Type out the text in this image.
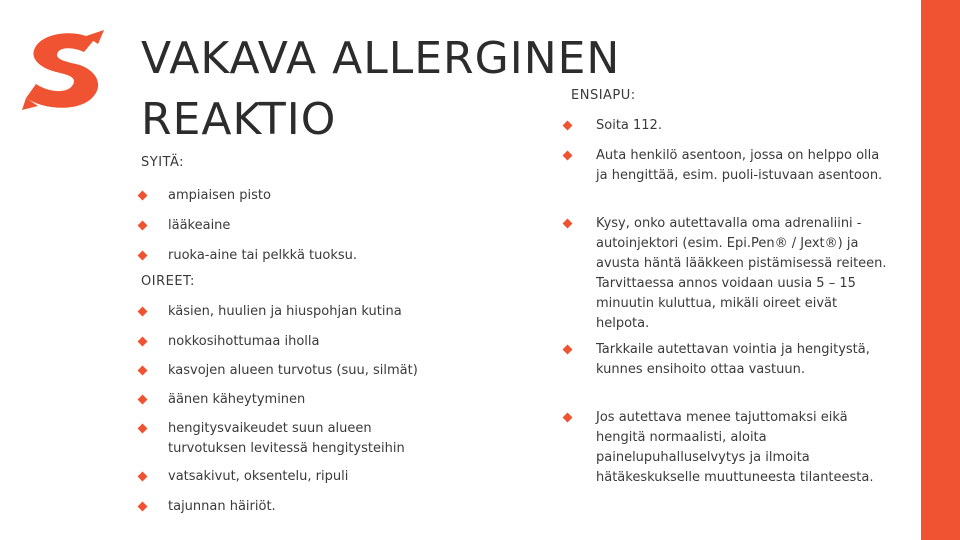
VAKAVA ALLERGINEN
REAKTIO
SYITÄ:
ampiaisen pisto
lääkeaine
ruoka-aine tai pelkkä tuoksu.
OIREET:
käsien, huulien ja hiuspohjan kutina
nokkosihottumaa iholla
kasvojen alueen turvotus (suu, silmät)
äänen käheytyminen
hengitysvaikeudet suun alueen turvotuksen levitessä hengitysteihin
vatsakivut, oksentelu, ripuli
tajunnan häiriöt.
ENSIAPU:
Soita 112.
Auta henkilö asentoon, jossa on helppo olla ja hengittää, esim. puoli-istuvaan asentoon.
Kysy, onko autettavalla oma adrenaliini -autoinjektori (esim. Epi.Pen® / Jext®) ja avusta häntä lääkkeen pistämisessä reiteen. Tarvittaessa annos voidaan uusia 5 – 15 minuutin kuluttua, mikäli oireet eivät helpota.
Tarkkaile autettavan vointia ja hengitystä, kunnes ensihoito ottaa vastuun.
Jos autettava menee tajuttomaksi eikä hengitä normaalisti, aloita painelupuhalluselvytys ja ilmoita hätäkeskukselle muuttuneesta tilanteesta.
